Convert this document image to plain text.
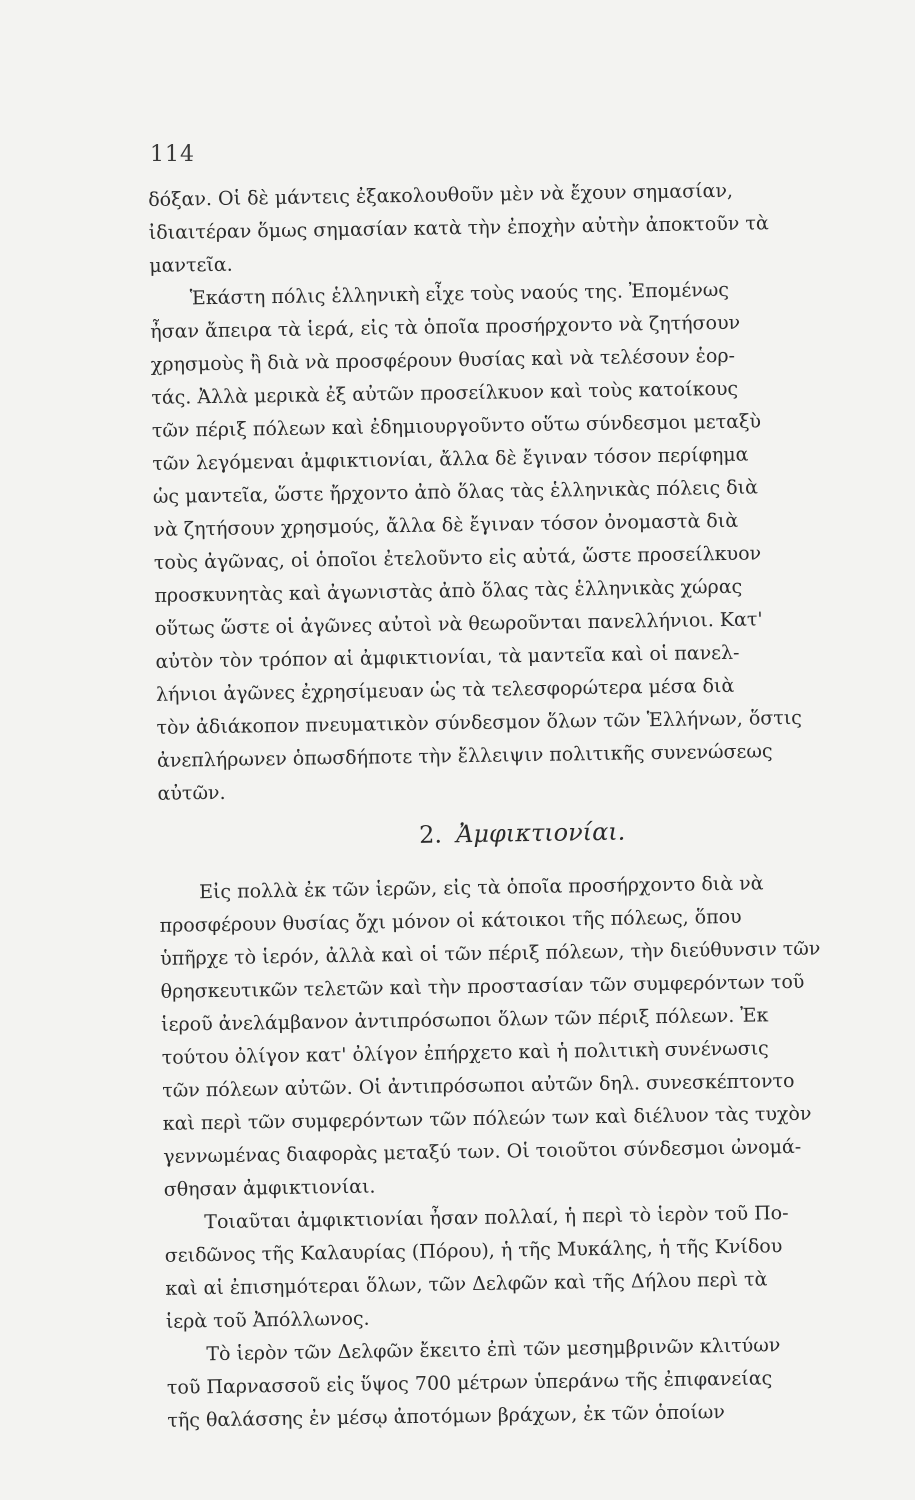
114
δόξαν. Οἱ δὲ μάντεις ἐξακολουθοῦν μὲν νὰ ἔχουν σημασίαν,
ἰδιαιτέραν ὅμως σημασίαν κατὰ τὴν ἐποχὴν αὐτὴν ἀποκτοῦν τὰ
μαντεῖα.
Ἑκάστη πόλις ἑλληνικὴ εἶχε τοὺς ναούς της. Ἐπομένως
ἦσαν ἄπειρα τὰ ἱερά, εἰς τὰ ὁποῖα προσήρχοντο νὰ ζητήσουν
χρησμοὺς ἢ διὰ νὰ προσφέρουν θυσίας καὶ νὰ τελέσουν ἑορ-
τάς. Ἀλλὰ μερικὰ ἐξ αὐτῶν προσείλκυον καὶ τοὺς κατοίκους
τῶν πέριξ πόλεων καὶ ἐδημιουργοῦντο οὕτω σύνδεσμοι μεταξὺ
τῶν λεγόμεναι ἀμφικτιονίαι, ἄλλα δὲ ἔγιναν τόσον περίφημα
ὡς μαντεῖα, ὥστε ἤρχοντο ἀπὸ ὅλας τὰς ἑλληνικὰς πόλεις διὰ
νὰ ζητήσουν χρησμούς, ἄλλα δὲ ἔγιναν τόσον ὀνομαστὰ διὰ
τοὺς ἀγῶνας, οἱ ὁποῖοι ἐτελοῦντο εἰς αὐτά, ὥστε προσείλκυον
προσκυνητὰς καὶ ἀγωνιστὰς ἀπὸ ὅλας τὰς ἑλληνικὰς χώρας
οὕτως ὥστε οἱ ἀγῶνες αὐτοὶ νὰ θεωροῦνται πανελλήνιοι. Κατ'
αὐτὸν τὸν τρόπον αἱ ἀμφικτιονίαι, τὰ μαντεῖα καὶ οἱ πανελ-
λήνιοι ἀγῶνες ἐχρησίμευαν ὡς τὰ τελεσφορώτερα μέσα διὰ
τὸν ἀδιάκοπον πνευματικὸν σύνδεσμον ὅλων τῶν Ἑλλήνων, ὅστις
ἀνεπλήρωνεν ὁπωσδήποτε τὴν ἔλλειψιν πολιτικῆς συνενώσεως
αὐτῶν.
2. Ἀμφικτιονίαι.
Εἰς πολλὰ ἐκ τῶν ἱερῶν, εἰς τὰ ὁποῖα προσήρχοντο διὰ νὰ
προσφέρουν θυσίας ὄχι μόνον οἱ κάτοικοι τῆς πόλεως, ὅπου
ὑπῆρχε τὸ ἱερόν, ἀλλὰ καὶ οἱ τῶν πέριξ πόλεων, τὴν διεύθυνσιν τῶν
θρησκευτικῶν τελετῶν καὶ τὴν προστασίαν τῶν συμφερόντων τοῦ
ἱεροῦ ἀνελάμβανον ἀντιπρόσωποι ὅλων τῶν πέριξ πόλεων. Ἐκ
τούτου ὀλίγον κατ' ὀλίγον ἐπήρχετο καὶ ἡ πολιτικὴ συνένωσις
τῶν πόλεων αὐτῶν. Οἱ ἀντιπρόσωποι αὐτῶν δηλ. συνεσκέπτοντο
καὶ περὶ τῶν συμφερόντων τῶν πόλεών των καὶ διέλυον τὰς τυχὸν
γεννωμένας διαφορὰς μεταξύ των. Οἱ τοιοῦτοι σύνδεσμοι ὠνομά-
σθησαν ἀμφικτιονίαι.
Τοιαῦται ἀμφικτιονίαι ἦσαν πολλαί, ἡ περὶ τὸ ἱερὸν τοῦ Πο-
σειδῶνος τῆς Καλαυρίας (Πόρου), ἡ τῆς Μυκάλης, ἡ τῆς Κνίδου
καὶ αἱ ἐπισημότεραι ὅλων, τῶν Δελφῶν καὶ τῆς Δήλου περὶ τὰ
ἱερὰ τοῦ Ἀπόλλωνος.
Τὸ ἱερὸν τῶν Δελφῶν ἔκειτο ἐπὶ τῶν μεσημβρινῶν κλιτύων
τοῦ Παρνασσοῦ εἰς ὕψος 700 μέτρων ὑπεράνω τῆς ἐπιφανείας
τῆς θαλάσσης ἐν μέσῳ ἀποτόμων βράχων, ἐκ τῶν ὁποίων
